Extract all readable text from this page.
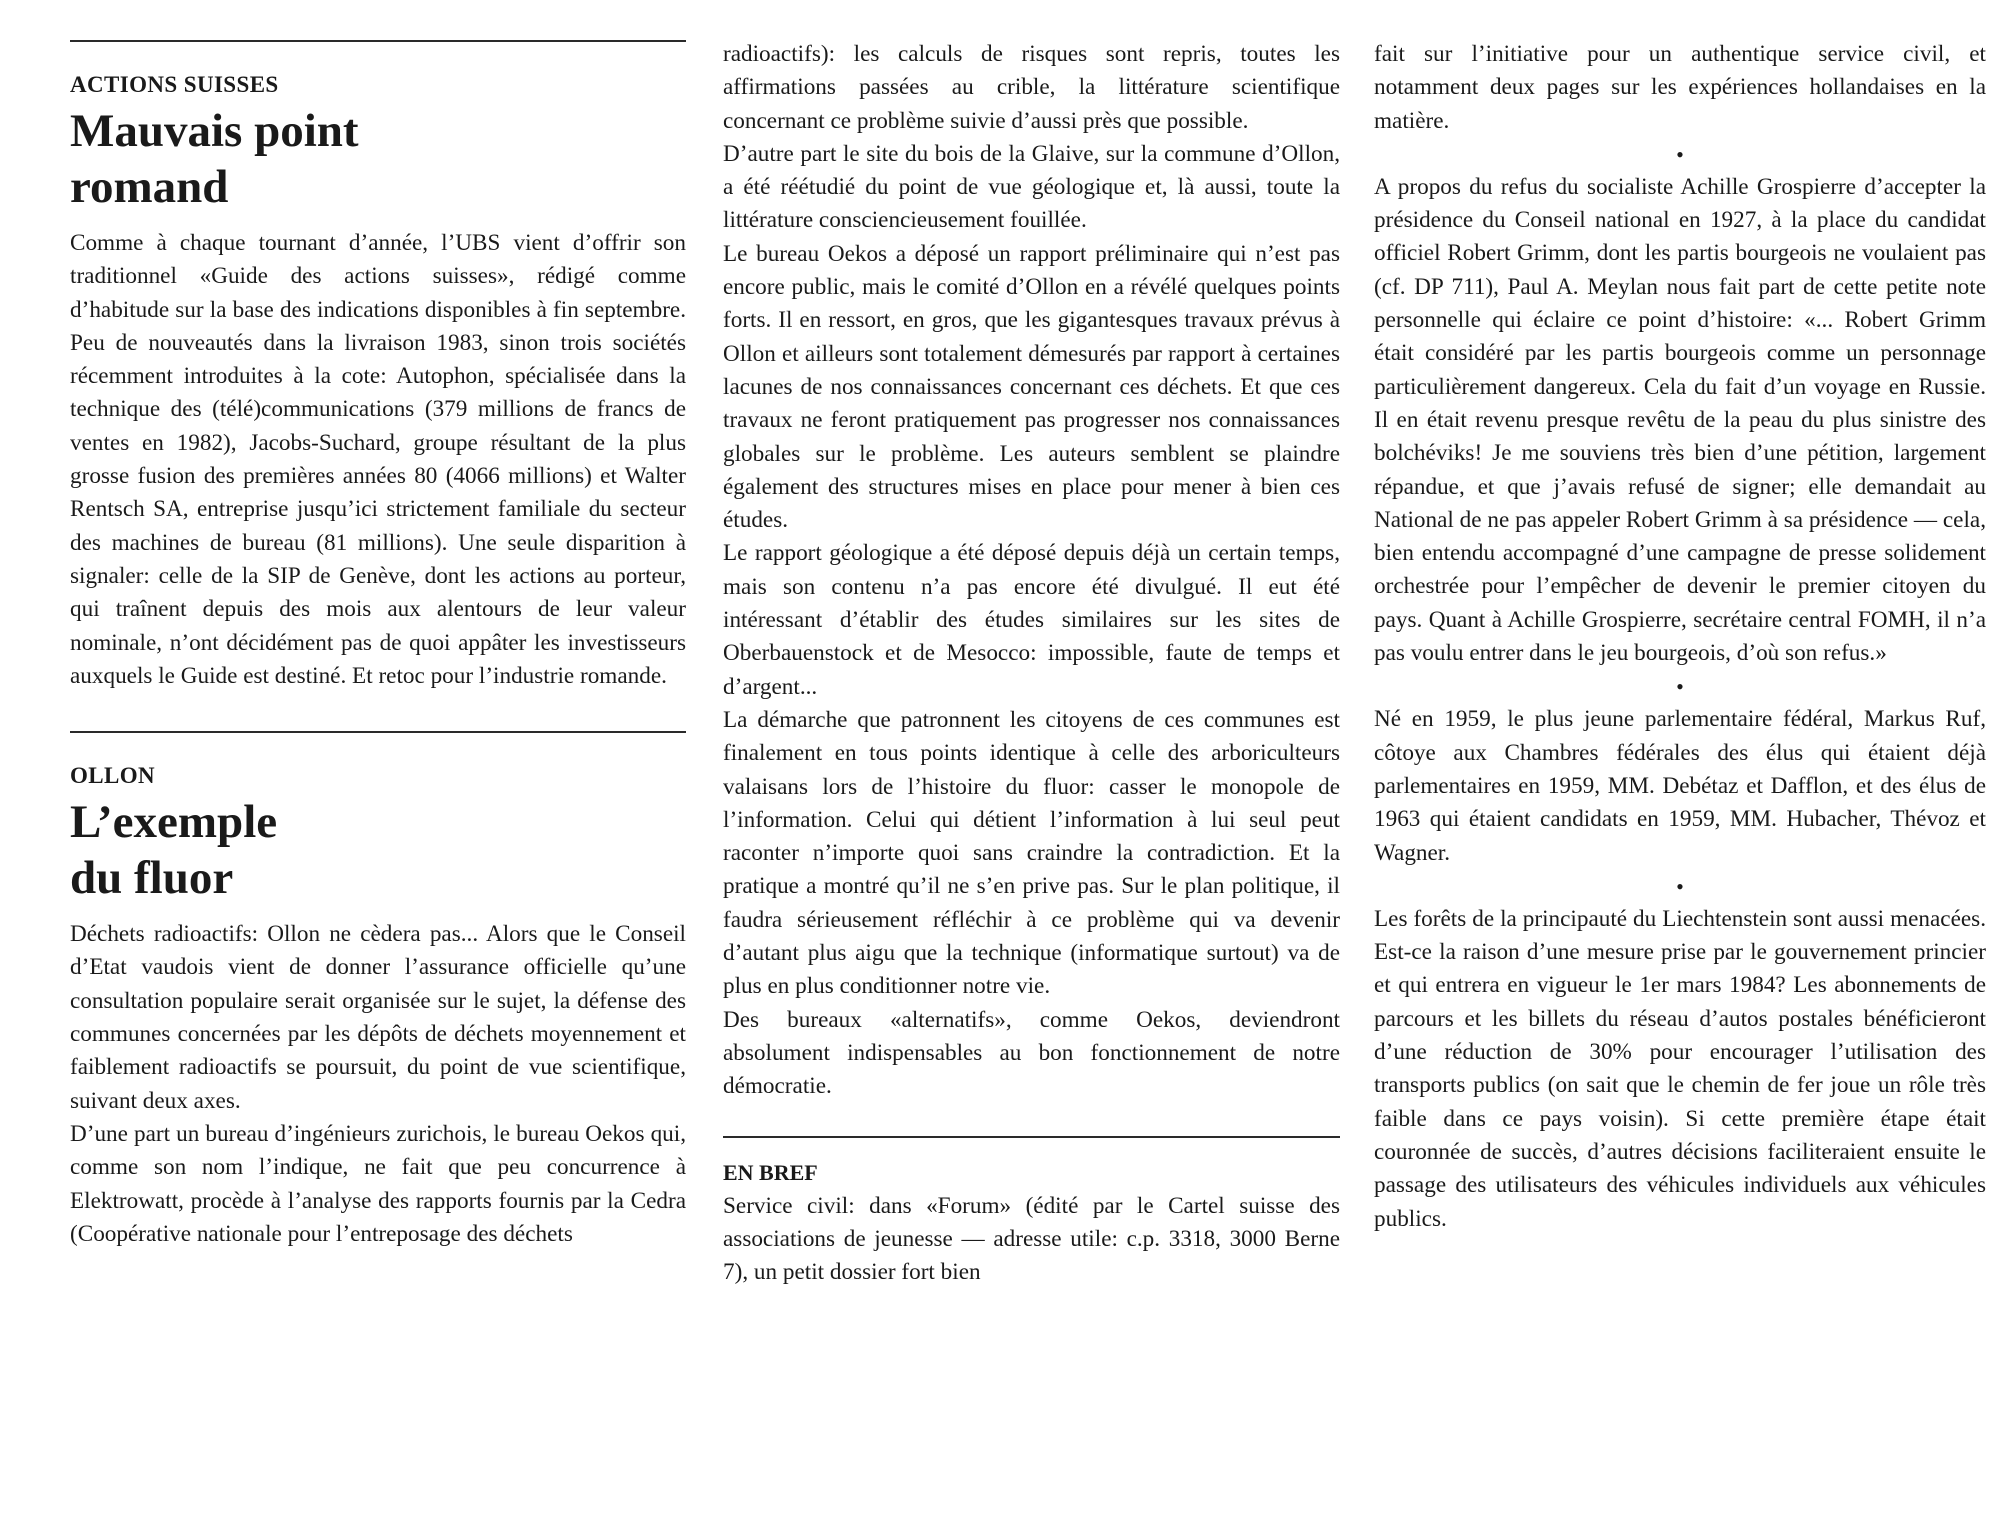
ACTIONS SUISSES
Mauvais point
romand

Comme à chaque tournant d’année, l’UBS vient d’offrir son traditionnel «Guide des actions suisses», rédigé comme d’habitude sur la base des indications disponibles à fin septembre. Peu de nouveautés dans la livraison 1983, sinon trois sociétés récemment introduites à la cote: Autophon, spécialisée dans la technique des (télé)communications (379 millions de francs de ventes en 1982), Jacobs-Suchard, groupe résultant de la plus grosse fusion des premières années 80 (4066 millions) et Walter Rentsch SA, entreprise jusqu’ici strictement familiale du secteur des machines de bureau (81 millions). Une seule disparition à signaler: celle de la SIP de Genève, dont les actions au porteur, qui traînent depuis des mois aux alentours de leur valeur nominale, n’ont décidément pas de quoi appâter les investisseurs auxquels le Guide est destiné. Et retoc pour l’industrie romande.

OLLON
L’exemple
du fluor

Déchets radioactifs: Ollon ne cèdera pas... Alors que le Conseil d’Etat vaudois vient de donner l’assurance officielle qu’une consultation populaire serait organisée sur le sujet, la défense des communes concernées par les dépôts de déchets moyennement et faiblement radioactifs se poursuit, du point de vue scientifique, suivant deux axes.

D’une part un bureau d’ingénieurs zurichois, le bureau Oekos qui, comme son nom l’indique, ne fait que peu concurrence à Elektrowatt, procède à l’analyse des rapports fournis par la Cedra (Coopérative nationale pour l’entreposage des déchets

radioactifs): les calculs de risques sont repris, toutes les affirmations passées au crible, la littérature scientifique concernant ce problème suivie d’aussi près que possible.

D’autre part le site du bois de la Glaive, sur la commune d’Ollon, a été réétudié du point de vue géologique et, là aussi, toute la littérature consciencieusement fouillée.

Le bureau Oekos a déposé un rapport préliminaire qui n’est pas encore public, mais le comité d’Ollon en a révélé quelques points forts. Il en ressort, en gros, que les gigantesques travaux prévus à Ollon et ailleurs sont totalement démesurés par rapport à certaines lacunes de nos connaissances concernant ces déchets. Et que ces travaux ne feront pratiquement pas progresser nos connaissances globales sur le problème. Les auteurs semblent se plaindre également des structures mises en place pour mener à bien ces études.

Le rapport géologique a été déposé depuis déjà un certain temps, mais son contenu n’a pas encore été divulgué. Il eut été intéressant d’établir des études similaires sur les sites de Oberbauenstock et de Mesocco: impossible, faute de temps et d’argent...

La démarche que patronnent les citoyens de ces communes est finalement en tous points identique à celle des arboriculteurs valaisans lors de l’histoire du fluor: casser le monopole de l’information. Celui qui détient l’information à lui seul peut raconter n’importe quoi sans craindre la contradiction. Et la pratique a montré qu’il ne s’en prive pas. Sur le plan politique, il faudra sérieusement réfléchir à ce problème qui va devenir d’autant plus aigu que la technique (informatique surtout) va de plus en plus conditionner notre vie.

Des bureaux «alternatifs», comme Oekos, deviendront absolument indispensables au bon fonctionnement de notre démocratie.

EN BREF

Service civil: dans «Forum» (édité par le Cartel suisse des associations de jeunesse — adresse utile: c.p. 3318, 3000 Berne 7), un petit dossier fort bien

fait sur l’initiative pour un authentique service civil, et notamment deux pages sur les expériences hollandaises en la matière.

•

A propos du refus du socialiste Achille Grospierre d’accepter la présidence du Conseil national en 1927, à la place du candidat officiel Robert Grimm, dont les partis bourgeois ne voulaient pas (cf. DP 711), Paul A. Meylan nous fait part de cette petite note personnelle qui éclaire ce point d’histoire: «... Robert Grimm était considéré par les partis bourgeois comme un personnage particulièrement dangereux. Cela du fait d’un voyage en Russie. Il en était revenu presque revêtu de la peau du plus sinistre des bolchéviks! Je me souviens très bien d’une pétition, largement répandue, et que j’avais refusé de signer; elle demandait au National de ne pas appeler Robert Grimm à sa présidence — cela, bien entendu accompagné d’une campagne de presse solidement orchestrée pour l’empêcher de devenir le premier citoyen du pays. Quant à Achille Grospierre, secrétaire central FOMH, il n’a pas voulu entrer dans le jeu bourgeois, d’où son refus.»

•

Né en 1959, le plus jeune parlementaire fédéral, Markus Ruf, côtoye aux Chambres fédérales des élus qui étaient déjà parlementaires en 1959, MM. Debétaz et Dafflon, et des élus de 1963 qui étaient candidats en 1959, MM. Hubacher, Thévoz et Wagner.

•

Les forêts de la principauté du Liechtenstein sont aussi menacées. Est-ce la raison d’une mesure prise par le gouvernement princier et qui entrera en vigueur le 1er mars 1984? Les abonnements de parcours et les billets du réseau d’autos postales bénéficieront d’une réduction de 30% pour encourager l’utilisation des transports publics (on sait que le chemin de fer joue un rôle très faible dans ce pays voisin). Si cette première étape était couronnée de succès, d’autres décisions faciliteraient ensuite le passage des utilisateurs des véhicules individuels aux véhicules publics.
